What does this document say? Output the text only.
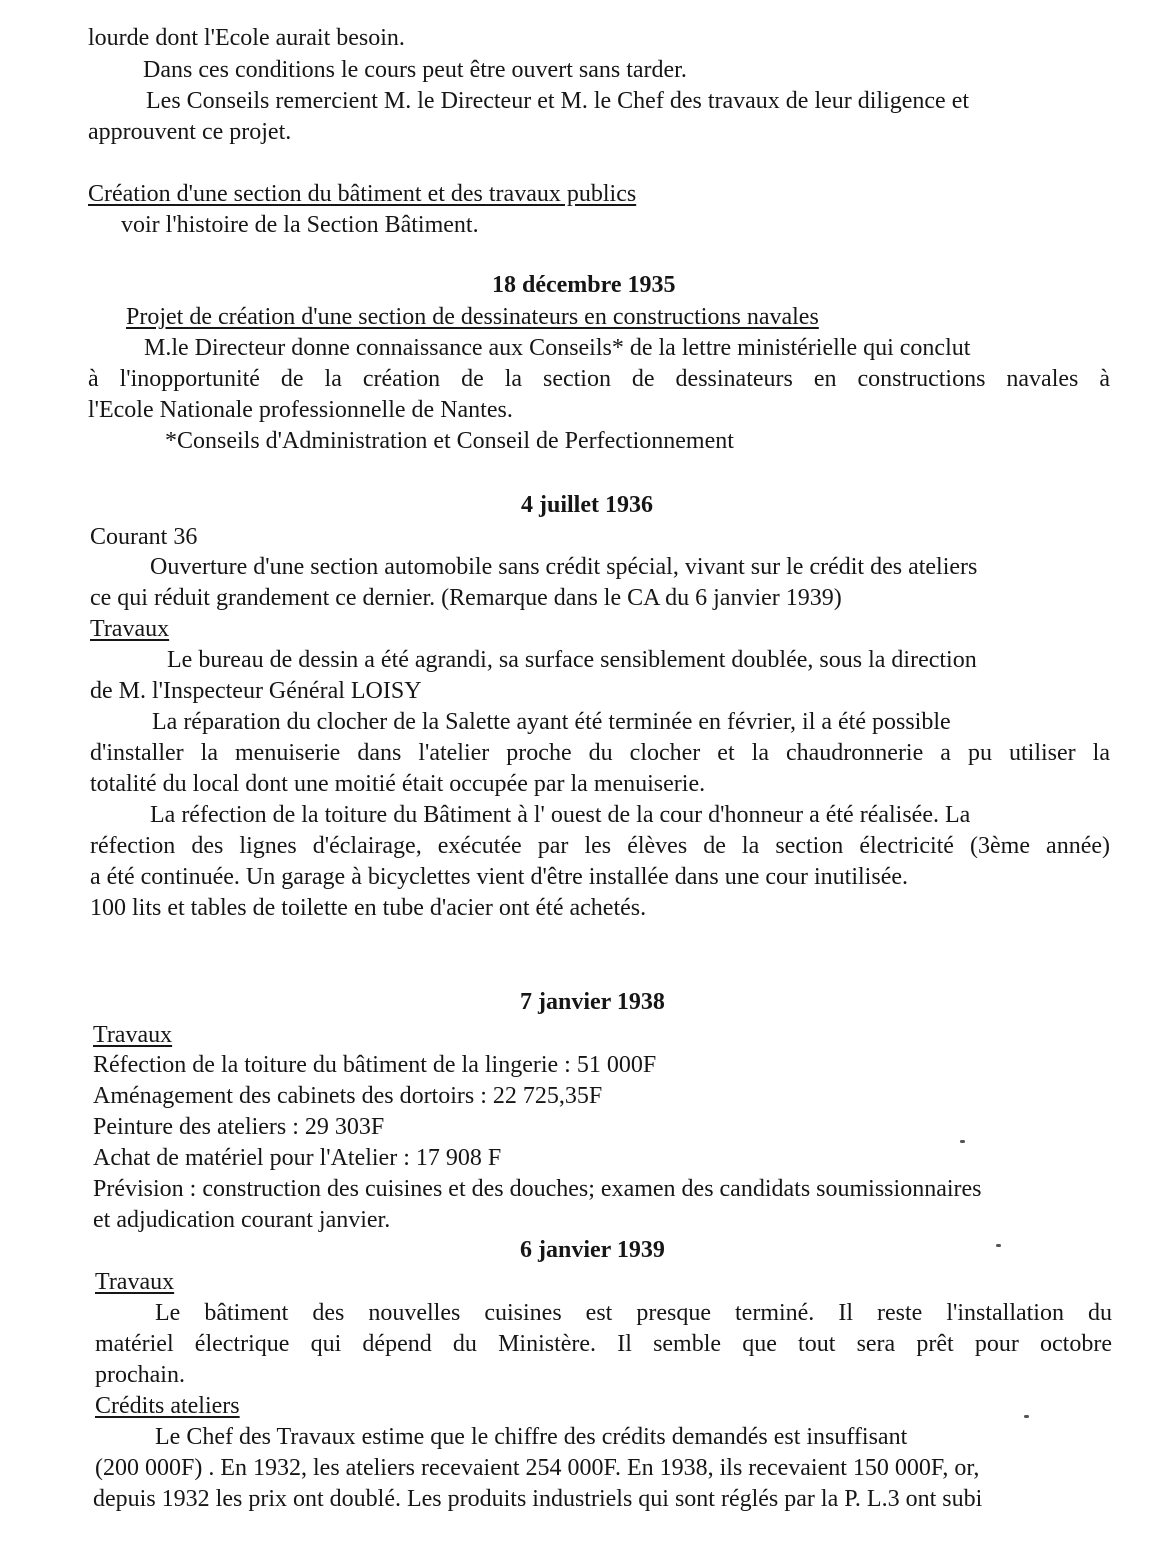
lourde dont l'Ecole aurait besoin.
Dans ces conditions le cours peut être ouvert sans tarder.
Les Conseils remercient M. le Directeur et M. le Chef des travaux de leur diligence et
approuvent ce projet.
Création d'une section du bâtiment et des travaux publics
voir l'histoire de la Section Bâtiment.
18 décembre 1935
Projet de création d'une section de dessinateurs en constructions navales
M.le Directeur donne connaissance aux Conseils* de la lettre ministérielle qui conclut
à l'inopportunité de la création de la section de dessinateurs en constructions navales à
l'Ecole Nationale professionnelle de Nantes.
*Conseils d'Administration et Conseil de Perfectionnement
4 juillet 1936
Courant 36
Ouverture d'une section automobile sans crédit spécial, vivant sur le crédit des ateliers
ce qui réduit grandement ce dernier. (Remarque dans le CA du 6 janvier 1939)
Travaux
Le bureau de dessin a été agrandi, sa surface sensiblement doublée, sous la direction
de M. l'Inspecteur Général LOISY
La réparation du clocher de la Salette ayant été terminée en février, il a été possible
d'installer la menuiserie dans l'atelier proche du clocher et la chaudronnerie a pu utiliser la
totalité du local dont une moitié était occupée par la menuiserie.
La réfection de la toiture du Bâtiment à l' ouest de la cour d'honneur a été réalisée. La
réfection des lignes d'éclairage, exécutée par les élèves de la section électricité (3ème année)
a été continuée. Un garage à bicyclettes vient d'être installée dans une cour inutilisée.
100 lits et tables de toilette en tube d'acier ont été achetés.
7 janvier 1938
Travaux
Réfection de la toiture du bâtiment de la lingerie : 51 000F
Aménagement des cabinets des dortoirs : 22 725,35F
Peinture des ateliers : 29 303F
Achat de matériel pour l'Atelier : 17 908 F
Prévision : construction des cuisines et des douches; examen des candidats soumissionnaires
et adjudication courant janvier.
6 janvier 1939
Travaux
Le bâtiment des nouvelles cuisines est presque terminé. Il reste l'installation du
matériel électrique qui dépend du Ministère. Il semble que tout sera prêt pour octobre
prochain.
Crédits ateliers
Le Chef des Travaux estime que le chiffre des crédits demandés est insuffisant
(200 000F) . En 1932, les ateliers recevaient 254 000F. En 1938, ils recevaient 150 000F, or,
depuis 1932 les prix ont doublé. Les produits industriels qui sont réglés par la P. L.3 ont subi
